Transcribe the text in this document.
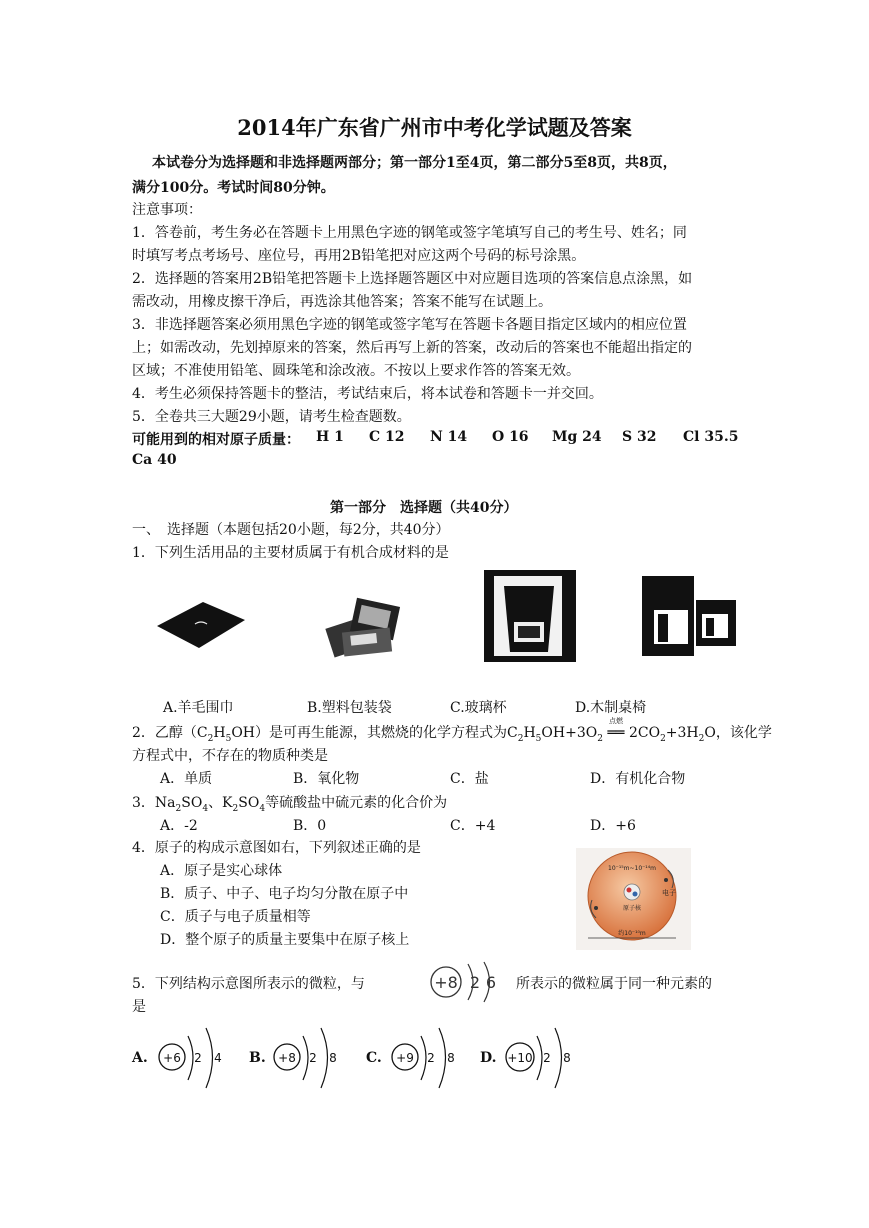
2014年广东省广州市中考化学试题及答案
本试卷分为选择题和非选择题两部分；第一部分1至4页，第二部分5至8页，共8页，
满分100分。考试时间80分钟。
注意事项：
1．答卷前，考生务必在答题卡上用黑色字迹的钢笔或签字笔填写自己的考生号、姓名；同
时填写考点考场号、座位号，再用2B铅笔把对应这两个号码的标号涂黑。
2．选择题的答案用2B铅笔把答题卡上选择题答题区中对应题目选项的答案信息点涂黑，如
需改动，用橡皮擦干净后，再选涂其他答案；答案不能写在试题上。
3．非选择题答案必须用黑色字迹的钢笔或签字笔写在答题卡各题目指定区域内的相应位置
上；如需改动，先划掉原来的答案，然后再写上新的答案，改动后的答案也不能超出指定的
区域；不准使用铅笔、圆珠笔和涂改液。不按以上要求作答的答案无效。
4．考生必须保持答题卡的整洁，考试结束后，将本试卷和答题卡一并交回。
5．全卷共三大题29小题，请考生检查题数。
可能用到的相对原子质量： H 1 C 12 N 14 O 16 Mg 24 S 32 Cl 35.5
Ca 40
第一部分　选择题（共40分）
一、　选择题（本题包括20小题，每2分，共40分）
1．下列生活用品的主要材质属于有机合成材料的是
A.羊毛围巾	B.塑料包装袋	C.玻璃杯	D.木制桌椅
2．乙醇$(C_2H_5OH)$是可再生能源，其燃烧的化学方程式为$C_2H_5OH+3O_2$
点燃
══ $2CO_2+3H_2O$，该化学
方程式中，不存在的物质种类是
A．单质	B．氧化物	C．盐	D．有机化合物
3．$Na_2SO_4$、$K_2SO_4$等硫酸盐中硫元素的化合价为
A．-2	B．0	C．+4	D．+6
4．原子的构成示意图如右，下列叙述正确的是
A．原子是实心球体
B．质子、中子、电子均匀分散在原子中
C．质子与电子质量相等
D．整个原子的质量主要集中在原子核上
10⁻¹⁵m~10⁻¹⁴m
电子
原子核
约10⁻¹⁰m
5．下列结构示意图所表示的微粒，与	+8 2 6 所表示的微粒属于同一种元素的
是
A. +6 2 4 B. +8 2 8 C. +9 2 8 D. +10 2 8
